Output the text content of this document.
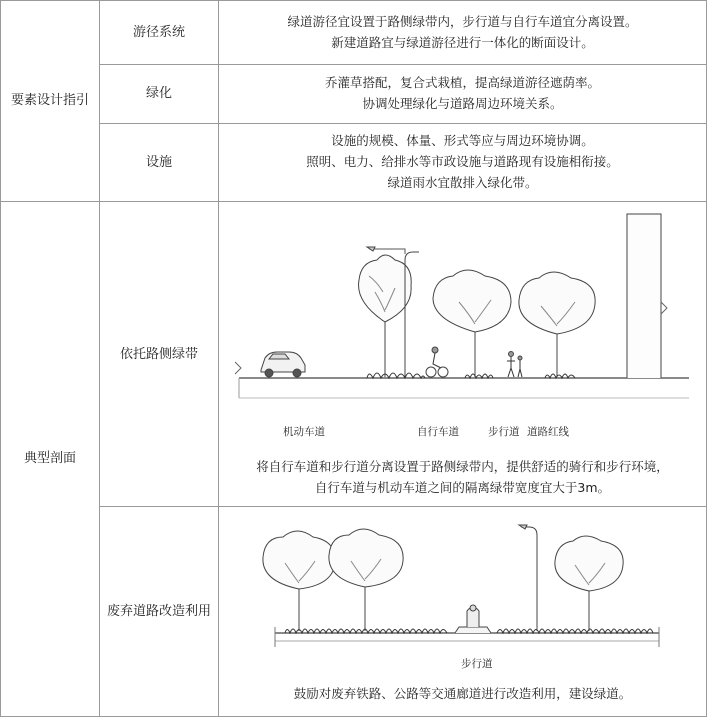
要素设计指引
典型剖面
游径系统
绿道游径宜设置于路侧绿带内，步行道与自行车道宜分离设置。
新建道路宜与绿道游径进行一体化的断面设计。
绿化
乔灌草搭配，复合式栽植，提高绿道游径遮荫率。
协调处理绿化与道路周边环境关系。
设施
设施的规模、体量、形式等应与周边环境协调。
照明、电力、给排水等市政设施与道路现有设施相衔接。
绿道雨水宜散排入绿化带。
依托路侧绿带
机动车道	自行车道	步行道 道路红线
将自行车道和步行道分离设置于路侧绿带内，提供舒适的骑行和步行环境，
自行车道与机动车道之间的隔离绿带宽度宜大于3m。
废弃道路改造利用
步行道
鼓励对废弃铁路、公路等交通廊道进行改造利用，建设绿道。
